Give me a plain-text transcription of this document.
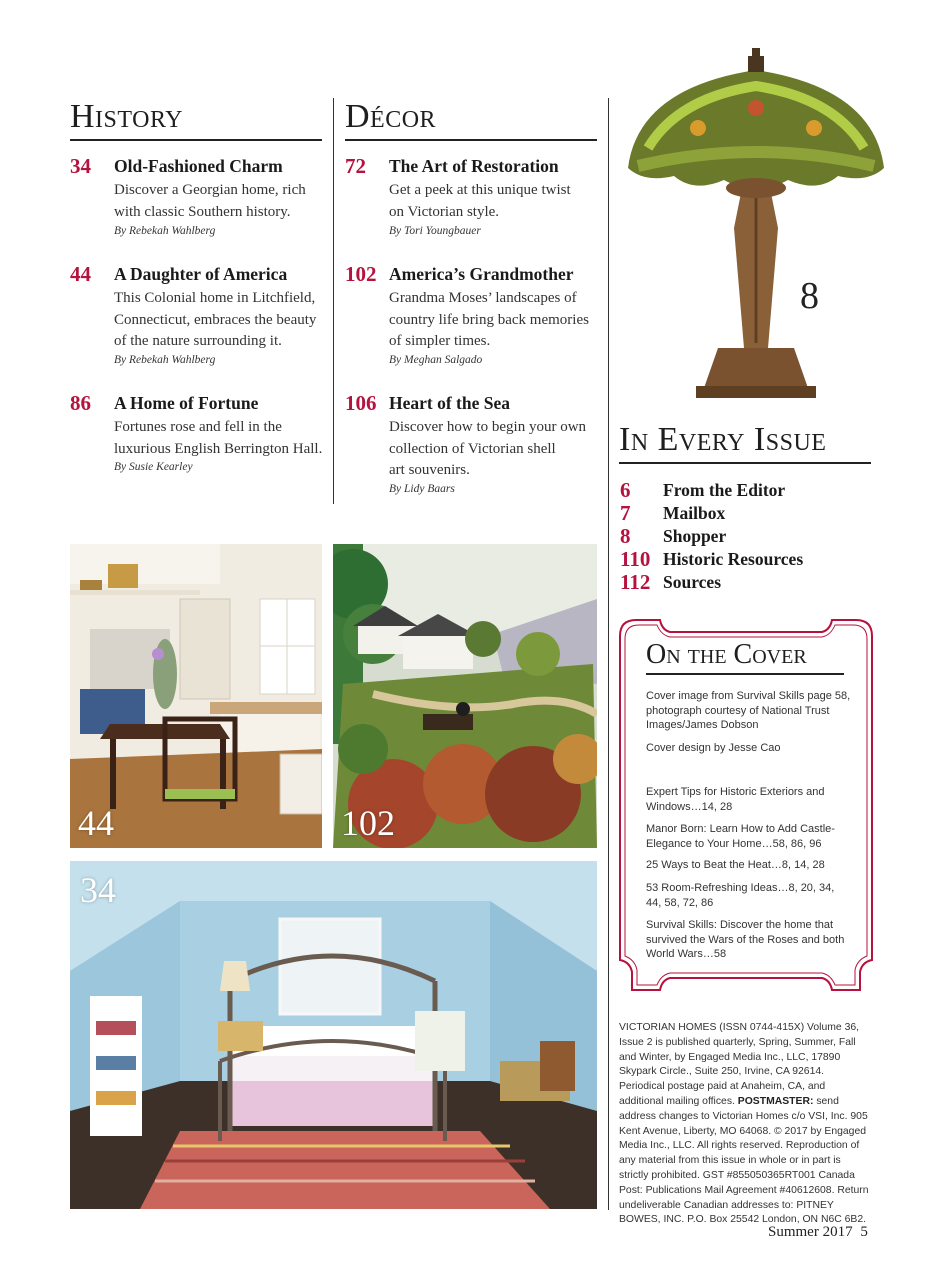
History
34 Old-Fashioned Charm
Discover a Georgian home, rich
with classic Southern history.
By Rebekah Wahlberg
44 A Daughter of America
This Colonial home in Litchfield,
Connecticut, embraces the beauty
of the nature surrounding it.
By Rebekah Wahlberg
86 A Home of Fortune
Fortunes rose and fell in the
luxurious English Berrington Hall.
By Susie Kearley
Décor
72 The Art of Restoration
Get a peek at this unique twist
on Victorian style.
By Tori Youngbauer
102 America’s Grandmother
Grandma Moses’ landscapes of
country life bring back memories
of simpler times.
By Meghan Salgado
106 Heart of the Sea
Discover how to begin your own
collection of Victorian shell
art souvenirs.
By Lidy Baars
44	102
34
8
In Every Issue
6 From the Editor
7 Mailbox
8 Shopper
110 Historic Resources
112 Sources
On the Cover
Cover image from Survival Skills page 58, photograph courtesy of National Trust Images/James Dobson
Cover design by Jesse Cao
Expert Tips for Historic Exteriors and Windows…14, 28
Manor Born: Learn How to Add Castle-Elegance to Your Home…58, 86, 96
25 Ways to Beat the Heat…8, 14, 28
53 Room-Refreshing Ideas…8, 20, 34, 44, 58, 72, 86
Survival Skills: Discover the home that survived the Wars of the Roses and both World Wars…58
VICTORIAN HOMES (ISSN 0744-415X) Volume 36, Issue 2 is published quarterly, Spring, Summer, Fall and Winter, by Engaged Media Inc., LLC, 17890 Skypark Circle., Suite 250, Irvine, CA 92614. Periodical postage paid at Anaheim, CA, and additional mailing offices. POSTMASTER: send address changes to Victorian Homes c/o VSI, Inc. 905 Kent Avenue, Liberty, MO 64068. © 2017 by Engaged Media Inc., LLC. All rights reserved. Reproduction of any material from this issue in whole or in part is strictly prohibited. GST #855050365RT001 Canada Post: Publications Mail Agreement #40612608. Return undeliverable Canadian addresses to: PITNEY BOWES, INC. P.O. Box 25542 London, ON N6C 6B2.
Summer 2017 5
